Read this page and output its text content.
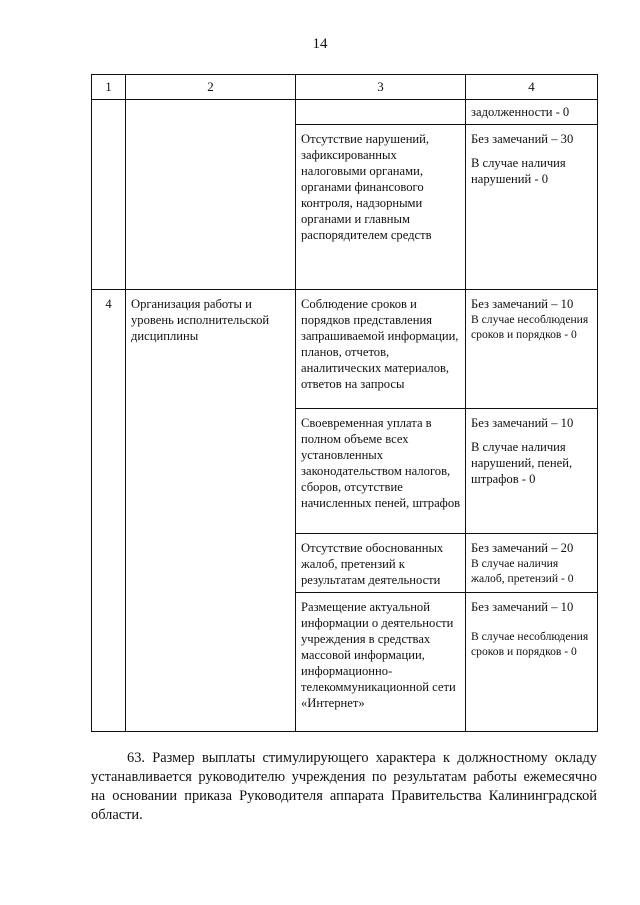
14
1	2	3	4

			задолженности - 0

		Отсутствие нарушений, зафиксированных налоговыми органами, органами финансового контроля, надзорными органами и главным распорядителем средств	Без замечаний – 30
В случае наличия нарушений - 0

4	Организация работы и уровень исполнительской дисциплины	Соблюдение сроков и порядков представления запрашиваемой информации, планов, отчетов, аналитических материалов, ответов на запросы	Без замечаний – 10
В случае несоблюдения сроков и порядков - 0

		Своевременная уплата в полном объеме всех установленных законодательством налогов, сборов, отсутствие начисленных пеней, штрафов	Без замечаний – 10
В случае наличия нарушений, пеней, штрафов - 0

		Отсутствие обоснованных жалоб, претензий к результатам деятельности	Без замечаний – 20
В случае наличия жалоб, претензий - 0

		Размещение актуальной информации о деятельности учреждения в средствах массовой информации, информационно-телекоммуникационной сети «Интернет»	Без замечаний – 10
В случае несоблюдения сроков и порядков - 0

63. Размер выплаты стимулирующего характера к должностному окладу устанавливается руководителю учреждения по результатам работы ежемесячно на основании приказа Руководителя аппарата Правительства Калининградской области.
